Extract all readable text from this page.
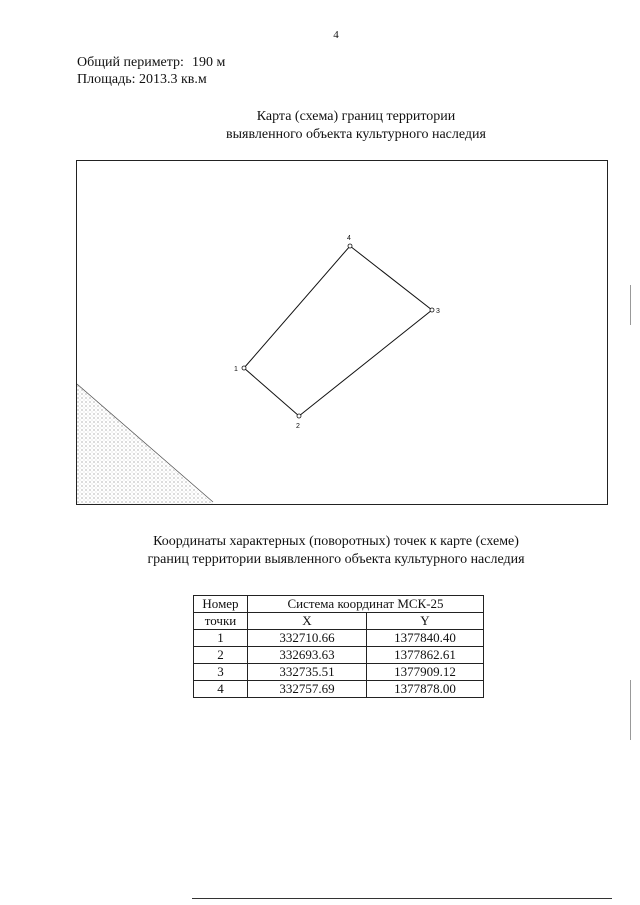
4
Общий периметр: 190 м
Площадь: 2013.3 кв.м
Карта (схема) границ территории
выявленного объекта культурного наследия
1
2
3
4
Координаты характерных (поворотных) точек к карте (схеме)
границ территории выявленного объекта культурного наследия
Номер	Система координат МСК-25	
точки	X	Y
1	332710.66	1377840.40
2	332693.63	1377862.61
3	332735.51	1377909.12
4	332757.69	1377878.00
